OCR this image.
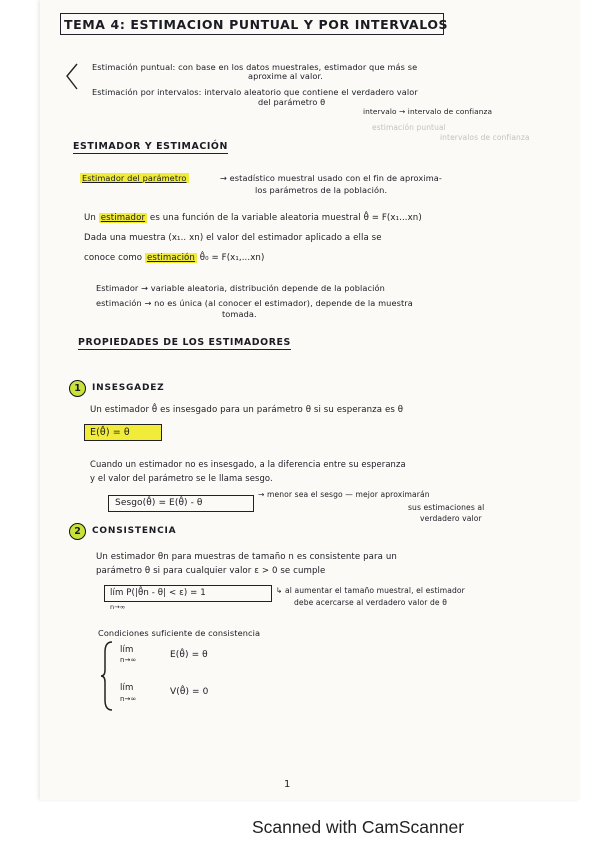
TEMA 4: ESTIMACION PUNTUAL Y POR INTERVALOS
Estimación puntual: con base en los datos muestrales, estimador que más se
aproxime al valor.
Estimación por intervalos: intervalo aleatorio que contiene el verdadero valor
del parámetro θ
intervalo → intervalo de confianza
estimación puntual
intervalos de confianza
ESTIMADOR Y ESTIMACIÓN
Estimador del parámetro	→ estadístico muestral usado con el fin de aproxima-
los parámetros de la población.
Un estimador es una función de la variable aleatoria muestral θ̂ = F(x₁...xn)
Dada una muestra (x₁.. xn) el valor del estimador aplicado a ella se
conoce como estimación θ̂₀ = F(x₁,...xn)
Estimador → variable aleatoria, distribución depende de la población
estimación → no es única (al conocer el estimador), depende de la muestra
tomada.
PROPIEDADES DE LOS ESTIMADORES
1	INSESGADEZ
Un estimador θ̂ es insesgado para un parámetro θ si su esperanza es θ
E(θ̂) = θ
Cuando un estimador no es insesgado, a la diferencia entre su esperanza
y el valor del parámetro se le llama sesgo.
Sesgo(θ̂) = E(θ̂) - θ
→ menor sea el sesgo — mejor aproximarán
sus estimaciones al
verdadero valor
2	CONSISTENCIA
Un estimador θn para muestras de tamaño n es consistente para un
parámetro θ si para cualquier valor ε > 0 se cumple
lím P(|θ̂n - θ| < ε) = 1
n→∞
↳ al aumentar el tamaño muestral, el estimador
debe acercarse al verdadero valor de θ
Condiciones suficiente de consistencia
lím
n→∞	E(θ̂) = θ
lím
n→∞
V(θ̂) = 0
1
Scanned with CamScanner
